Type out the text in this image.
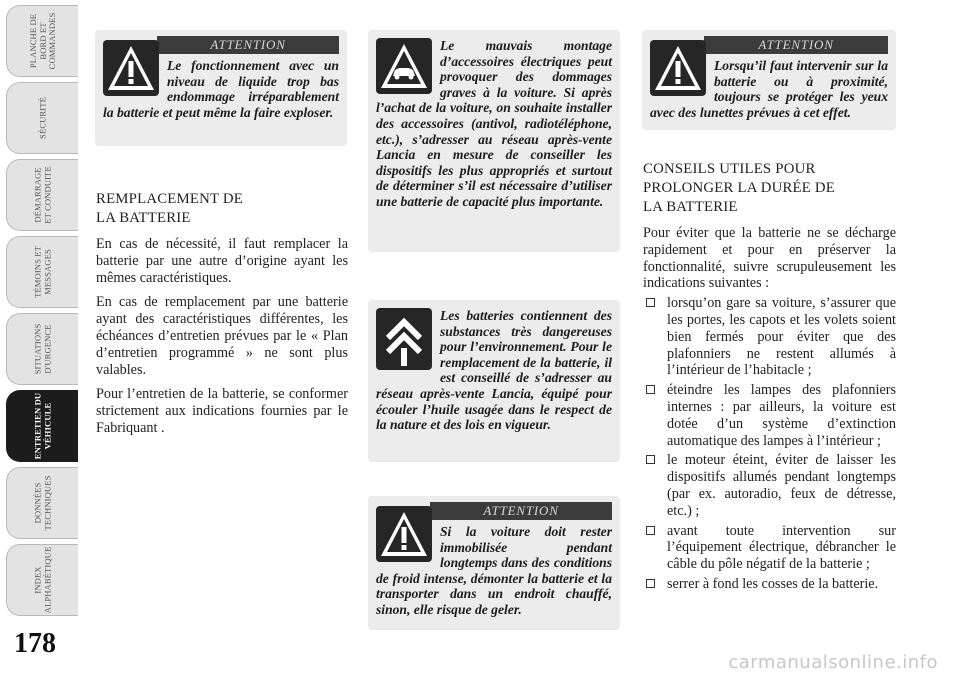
PLANCHE DE BORD ET COMMANDES
SÉCURITÉ
DÉMARRAGE ET CONDUITE
TÉMOINS ET MESSAGES
SITUATIONS D'URGENCE
ENTRETIEN DU VÉHICULE
DONNÉES TECHNIQUES
INDEX ALPHABÉTIQUE
178
ATTENTION
Le fonctionnement avec un niveau de liquide trop bas endommage irréparablement la batterie et peut même la faire exploser.
REMPLACEMENT DE LA BATTERIE

En cas de nécessité, il faut remplacer la batterie par une autre d’origine ayant les mêmes caractéristiques.

En cas de remplacement par une batterie ayant des caractéristiques différentes, les échéances d’entretien prévues par le « Plan d’entretien programmé » ne sont plus valables.

Pour l’entretien de la batterie, se conformer strictement aux indications fournies par le Fabriquant .

Le mauvais montage d’accessoires électriques peut provoquer des dommages graves à la voiture. Si après l’achat de la voiture, on souhaite installer des accessoires (antivol, radiotéléphone, etc.), s’adresser au réseau après-vente Lancia en mesure de conseiller les dispositifs les plus appropriés et surtout de déterminer s’il est nécessaire d’utiliser une batterie de capacité plus importante.
Les batteries contiennent des substances très dangereuses pour l’environnement. Pour le remplacement de la batterie, il est conseillé de s’adresser au réseau après-vente Lancia, équipé pour écouler l’huile usagée dans le respect de la nature et des lois en vigueur.
ATTENTION
Si la voiture doit rester immobilisée pendant longtemps dans des conditions de froid intense, démonter la batterie et la transporter dans un endroit chauffé, sinon, elle risque de geler.
ATTENTION
Lorsqu’il faut intervenir sur la batterie ou à proximité, toujours se protéger les yeux avec des lunettes prévues à cet effet.
CONSEILS UTILES POUR PROLONGER LA DURÉE DE LA BATTERIE

Pour éviter que la batterie ne se décharge rapidement et pour en préserver la fonctionnalité, suivre scrupuleusement les indications suivantes :

lorsqu’on gare sa voiture, s’assurer que les portes, les capots et les volets soient bien fermés pour éviter que des plafonniers ne restent allumés à l’intérieur de l’habitacle ;
éteindre les lampes des plafonniers internes : par ailleurs, la voiture est dotée d’un système d’extinction automatique des lampes à l’intérieur ;
le moteur éteint, éviter de laisser les dispositifs allumés pendant longtemps (par ex. autoradio, feux de détresse, etc.) ;
avant toute intervention sur l’équipement électrique, débrancher le câble du pôle négatif de la batterie ;
serrer à fond les cosses de la batterie.
carmanualsonline.info
